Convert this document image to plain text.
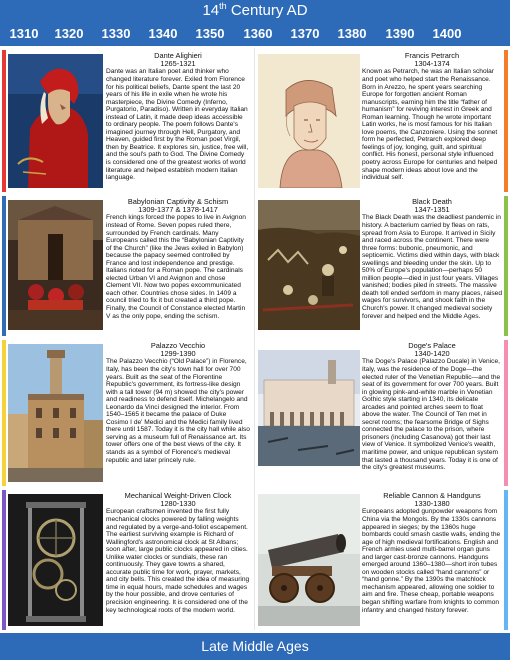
14th Century AD
1310	1320	1330	1340	1350	1360	1370	1380	1390	1400
Dante Alighieri
1265-1321

Dante was an Italian poet and thinker who changed literature forever. Exiled from Florence for his political beliefs, Dante spent the last 20 years of his life in exile when he wrote his masterpiece, the Divine Comedy (Inferno, Purgatorio, Paradiso). Written in everyday Italian instead of Latin, it made deep ideas accessible to ordinary people. The poem follows Dante's imagined journey through Hell, Purgatory, and Heaven, guided first by the Roman poet Virgil, then by Beatrice. It explores sin, justice, free will, and the soul's path to God. The Divine Comedy is considered one of the greatest works of world literature and helped establish modern Italian language.

Francis Petrarch
1304-1374

Known as Petrarch, he was an Italian scholar and poet who helped start the Renaissance. Born in Arezzo, he spent years searching Europe for forgotten ancient Roman manuscripts, earning him the title “father of humanism” for reviving interest in Greek and Roman learning. Though he wrote important Latin works, he is most famous for his Italian love poems, the Canzoniere. Using the sonnet form he perfected, Petrarch explored deep feelings of joy, longing, guilt, and spiritual conflict. His honest, personal style influenced poetry across Europe for centuries and helped shape modern ideas about love and the individual self.

Babylonian Captivity & Schism
1309-1377 & 1378-1417

French kings forced the popes to live in Avignon instead of Rome. Seven popes ruled there, surrounded by French cardinals. Many Europeans called this the “Babylonian Captivity of the Church” (like the Jews exiled in Babylon) because the papacy seemed controlled by France and lost independence and prestige. Italians rioted for a Roman pope. The cardinals elected Urban VI and Avignon and chose Clement VII. Now two popes excommunicated each other. Countries chose sides. In 1409 a council tried to fix it but created a third pope. Finally, the Council of Constance elected Martin V as the only pope, ending the schism.

Black Death
1347-1351

The Black Death was the deadliest pandemic in history. A bacterium carried by fleas on rats, spread from Asia to Europe. It arrived in Sicily and raced across the continent. There were three forms: bubonic, pneumonic, and septicemic. Victims died within days, with black swellings and bleeding under the skin. Up to 50% of Europe's population—perhaps 50 million people—died in just four years. Villages vanished; bodies piled in streets. The massive death toll ended serfdom in many places, raised wages for survivors, and shook faith in the Church's power. It changed medieval society forever and helped end the Middle Ages.

Palazzo Vecchio
1299-1390

The Palazzo Vecchio (“Old Palace”) in Florence, Italy, has been the city's town hall for over 700 years. Built as the seat of the Florentine Republic's government, its fortress-like design with a tall tower (94 m) showed the city's power and readiness to defend itself. Michelangelo and Leonardo da Vinci designed the interior. From 1540–1565 it became the palace of Duke Cosimo I de' Medici and the Medici family lived there until 1587. Today it is the city hall while also serving as a museum full of Renaissance art. Its tower offers one of the best views of the city. It stands as a symbol of Florence's medieval republic and later princely rule.

Doge's Palace
1340-1420

The Doge's Palace (Palazzo Ducale) in Venice, Italy, was the residence of the Doge—the elected ruler of the Venetian Republic—and the seat of its government for over 700 years. Built in glowing pink-and-white marble in Venetian Gothic style starting in 1340, its delicate arcades and pointed arches seem to float above the water. The Council of Ten met in secret rooms; the fearsome Bridge of Sighs connected the palace to the prison, where prisoners (including Casanova) got their last view of Venice. It symbolized Venice's wealth, maritime power, and unique republican system that lasted a thousand years. Today it is one of the city's greatest museums.

Mechanical Weight-Driven Clock
1280-1330

European craftsmen invented the first fully mechanical clocks powered by falling weights and regulated by a verge-and-foliot escapement. The earliest surviving example is Richard of Wallingford's astronomical clock at St Albans; soon after, large public clocks appeared in cities. Unlike water clocks or sundials, these ran continuously. They gave towns a shared, accurate public time for work, prayer, markets, and city bells. This created the idea of measuring time in equal hours, made schedules and wages by the hour possible, and drove centuries of precision engineering. It is considered one of the key technological roots of the modern world.

Reliable Cannon & Handguns
1330-1380

Europeans adopted gunpowder weapons from China via the Mongols. By the 1330s cannons appeared in sieges; by the 1360s huge bombards could smash castle walls, ending the age of high medieval fortifications. English and French armies used multi-barrel organ guns and larger cast-bronze cannons. Handguns emerged around 1360–1380—short iron tubes on wooden stocks called “hand cannons” or “hand gonne.” By the 1390s the matchlock mechanism appeared, allowing one soldier to aim and fire. These cheap, portable weapons began shifting warfare from knights to common infantry and changed history forever.

Late Middle Ages
